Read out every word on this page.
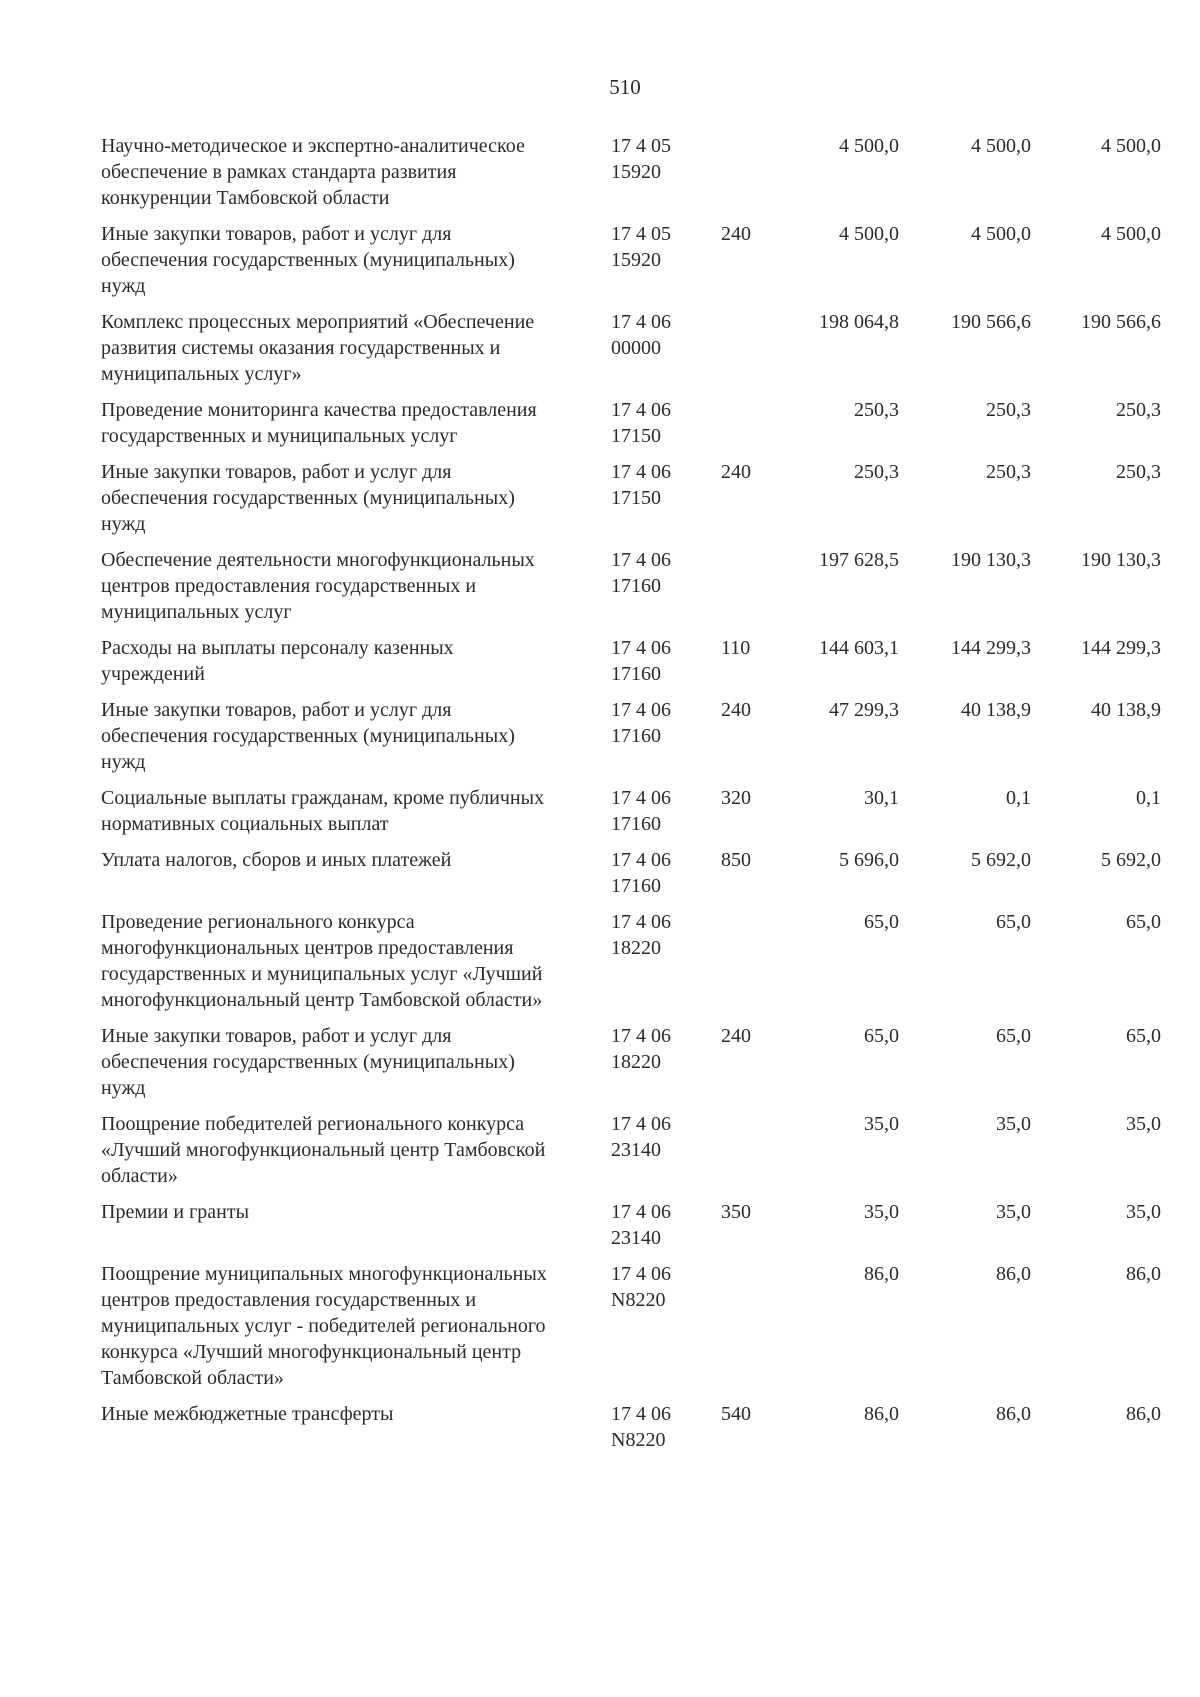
510
Научно-методическое и экспертно-аналитическое обеспечение в рамках стандарта развития конкуренции Тамбовской области	17 4 05 15920		4 500,0	4 500,0	4 500,0
Иные закупки товаров, работ и услуг для обеспечения государственных (муниципальных) нужд	17 4 05 15920	240	4 500,0	4 500,0	4 500,0
Комплекс процессных мероприятий «Обеспечение развития системы оказания государственных и муниципальных услуг»	17 4 06 00000		198 064,8	190 566,6	190 566,6
Проведение мониторинга качества предоставления государственных и муниципальных услуг	17 4 06 17150		250,3	250,3	250,3
Иные закупки товаров, работ и услуг для обеспечения государственных (муниципальных) нужд	17 4 06 17150	240	250,3	250,3	250,3
Обеспечение деятельности многофункциональных центров предоставления государственных и муниципальных услуг	17 4 06 17160		197 628,5	190 130,3	190 130,3
Расходы на выплаты персоналу казенных учреждений	17 4 06 17160	110	144 603,1	144 299,3	144 299,3
Иные закупки товаров, работ и услуг для обеспечения государственных (муниципальных) нужд	17 4 06 17160	240	47 299,3	40 138,9	40 138,9
Социальные выплаты гражданам, кроме публичных нормативных социальных выплат	17 4 06 17160	320	30,1	0,1	0,1
Уплата налогов, сборов и иных платежей	17 4 06 17160	850	5 696,0	5 692,0	5 692,0
Проведение регионального конкурса многофункциональных центров предоставления государственных и муниципальных услуг «Лучший многофункциональный центр Тамбовской области»	17 4 06 18220		65,0	65,0	65,0
Иные закупки товаров, работ и услуг для обеспечения государственных (муниципальных) нужд	17 4 06 18220	240	65,0	65,0	65,0
Поощрение победителей регионального конкурса «Лучший многофункциональный центр Тамбовской области»	17 4 06 23140		35,0	35,0	35,0
Премии и гранты	17 4 06 23140	350	35,0	35,0	35,0
Поощрение муниципальных многофункциональных центров предоставления государственных и муниципальных услуг - победителей регионального конкурса «Лучший многофункциональный центр Тамбовской области»	17 4 06 N8220		86,0	86,0	86,0
Иные межбюджетные трансферты	17 4 06 N8220	540	86,0	86,0	86,0
